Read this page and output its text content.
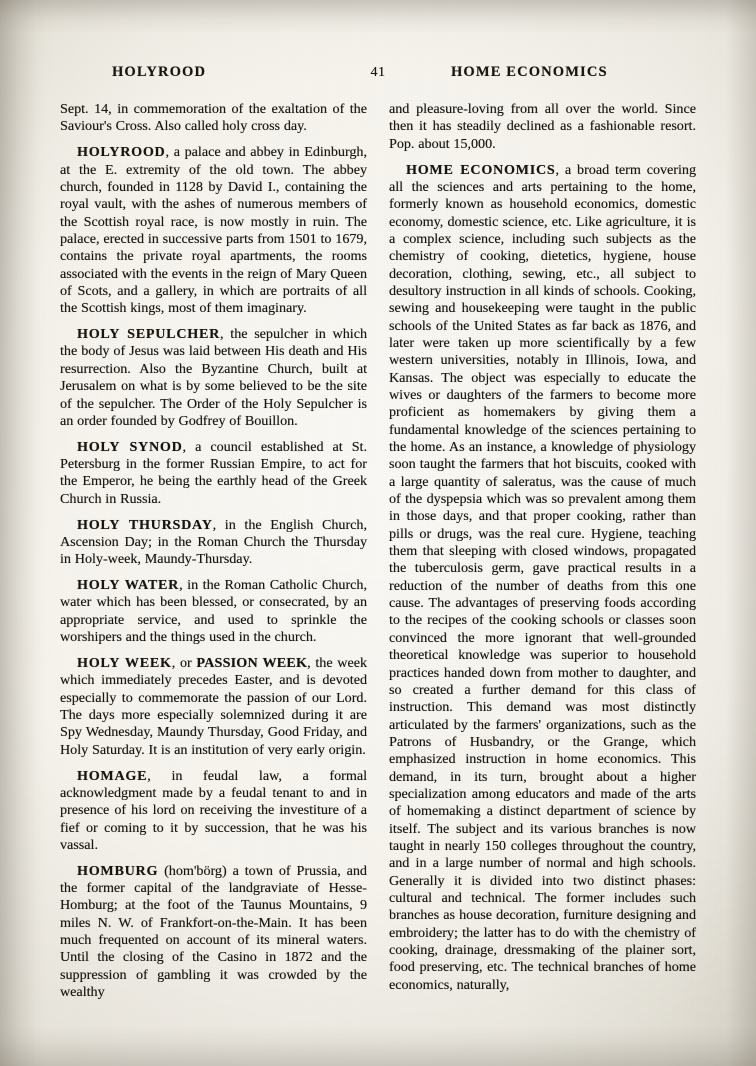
HOLYROOD	41	HOME ECONOMICS

Sept. 14, in commemoration of the exaltation of the Saviour's Cross. Also called holy cross day.

HOLYROOD, a palace and abbey in Edinburgh, at the E. extremity of the old town. The abbey church, founded in 1128 by David I., containing the royal vault, with the ashes of numerous members of the Scottish royal race, is now mostly in ruin. The palace, erected in successive parts from 1501 to 1679, contains the private royal apartments, the rooms associated with the events in the reign of Mary Queen of Scots, and a gallery, in which are portraits of all the Scottish kings, most of them imaginary.

HOLY SEPULCHER, the sepulcher in which the body of Jesus was laid between His death and His resurrection. Also the Byzantine Church, built at Jerusalem on what is by some believed to be the site of the sepulcher. The Order of the Holy Sepulcher is an order founded by Godfrey of Bouillon.

HOLY SYNOD, a council established at St. Petersburg in the former Russian Empire, to act for the Emperor, he being the earthly head of the Greek Church in Russia.

HOLY THURSDAY, in the English Church, Ascension Day; in the Roman Church the Thursday in Holy-week, Maundy-Thursday.

HOLY WATER, in the Roman Catholic Church, water which has been blessed, or consecrated, by an appropriate service, and used to sprinkle the worshipers and the things used in the church.

HOLY WEEK, or PASSION WEEK, the week which immediately precedes Easter, and is devoted especially to commemorate the passion of our Lord. The days more especially solemnized during it are Spy Wednesday, Maundy Thursday, Good Friday, and Holy Saturday. It is an institution of very early origin.

HOMAGE, in feudal law, a formal acknowledgment made by a feudal tenant to and in presence of his lord on receiving the investiture of a fief or coming to it by succession, that he was his vassal.

HOMBURG (hom'börg) a town of Prussia, and the former capital of the landgraviate of Hesse-Homburg; at the foot of the Taunus Mountains, 9 miles N. W. of Frankfort-on-the-Main. It has been much frequented on account of its mineral waters. Until the closing of the Casino in 1872 and the suppression of gambling it was crowded by the wealthy

and pleasure-loving from all over the world. Since then it has steadily declined as a fashionable resort. Pop. about 15,000.

HOME ECONOMICS, a broad term covering all the sciences and arts pertaining to the home, formerly known as household economics, domestic economy, domestic science, etc. Like agriculture, it is a complex science, including such subjects as the chemistry of cooking, dietetics, hygiene, house decoration, clothing, sewing, etc., all subject to desultory instruction in all kinds of schools. Cooking, sewing and housekeeping were taught in the public schools of the United States as far back as 1876, and later were taken up more scientifically by a few western universities, notably in Illinois, Iowa, and Kansas. The object was especially to educate the wives or daughters of the farmers to become more proficient as homemakers by giving them a fundamental knowledge of the sciences pertaining to the home. As an instance, a knowledge of physiology soon taught the farmers that hot biscuits, cooked with a large quantity of saleratus, was the cause of much of the dyspepsia which was so prevalent among them in those days, and that proper cooking, rather than pills or drugs, was the real cure. Hygiene, teaching them that sleeping with closed windows, propagated the tuberculosis germ, gave practical results in a reduction of the number of deaths from this one cause. The advantages of preserving foods according to the recipes of the cooking schools or classes soon convinced the more ignorant that well-grounded theoretical knowledge was superior to household practices handed down from mother to daughter, and so created a further demand for this class of instruction. This demand was most distinctly articulated by the farmers' organizations, such as the Patrons of Husbandry, or the Grange, which emphasized instruction in home economics. This demand, in its turn, brought about a higher specialization among educators and made of the arts of homemaking a distinct department of science by itself. The subject and its various branches is now taught in nearly 150 colleges throughout the country, and in a large number of normal and high schools. Generally it is divided into two distinct phases: cultural and technical. The former includes such branches as house decoration, furniture designing and embroidery; the latter has to do with the chemistry of cooking, drainage, dressmaking of the plainer sort, food preserving, etc. The technical branches of home economics, naturally,
